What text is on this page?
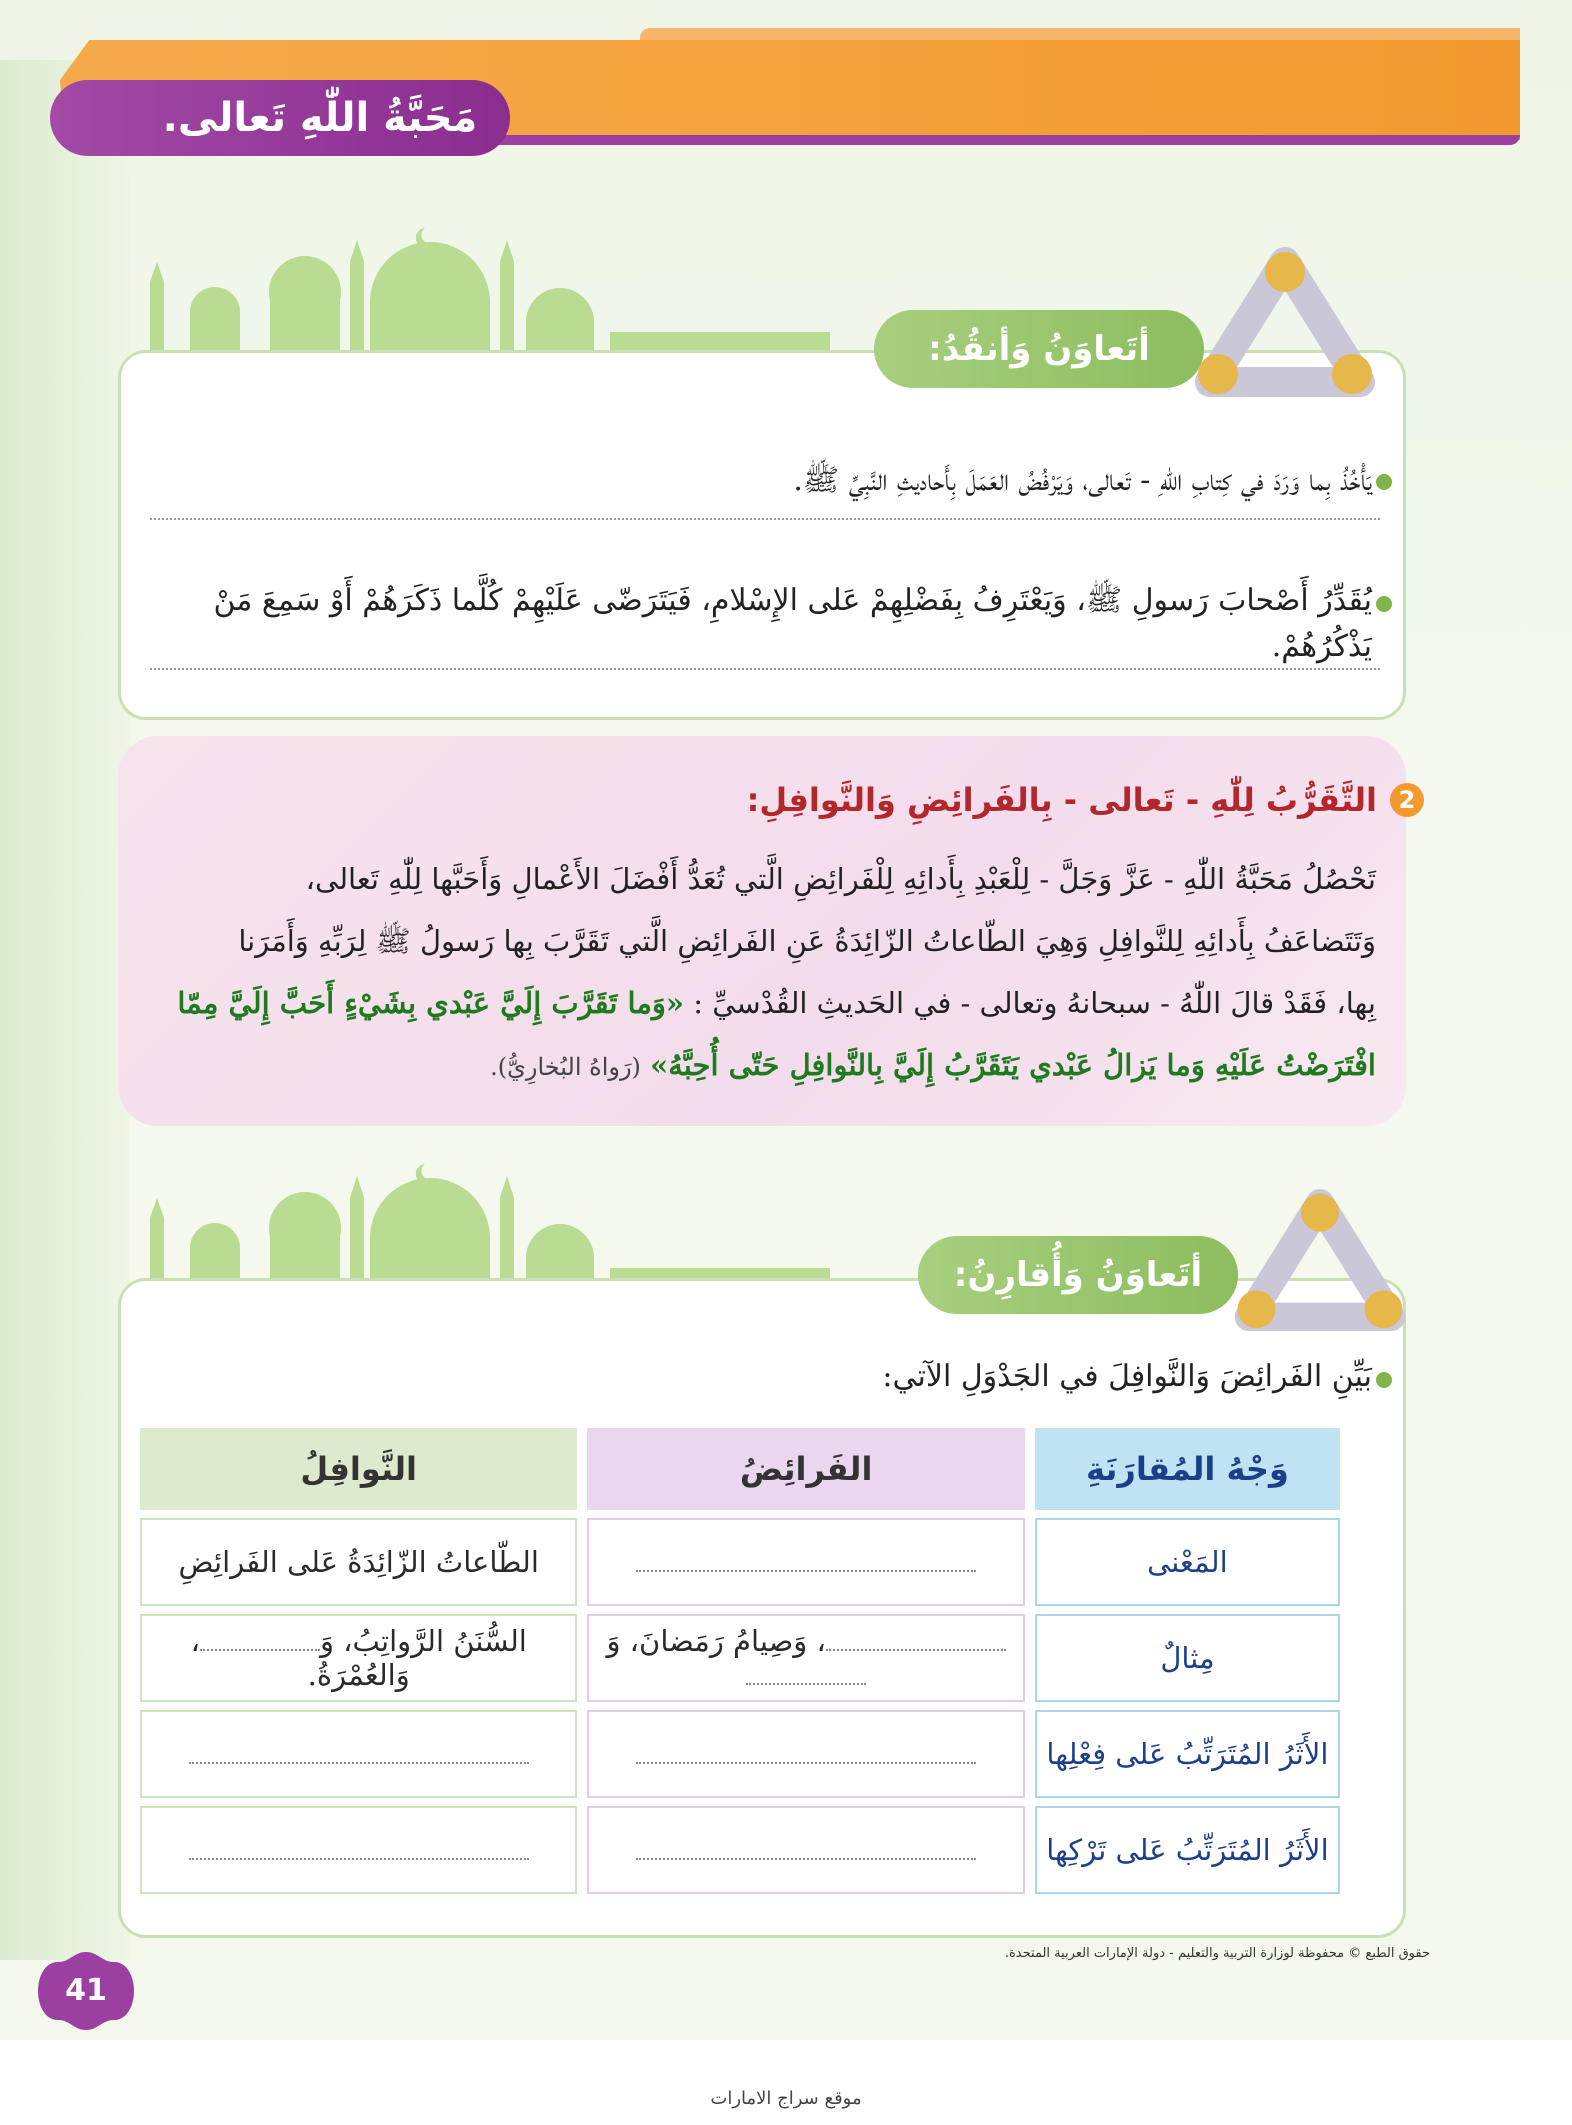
مَحَبَّةُ اللّٰهِ تَعالى.
أتَعاوَنُ وَأنقُدُ:
يَأْخُذُ بِما وَرَدَ في كِتابِ اللّٰهِ - تَعالى، وَيَرْفُضُ العَمَلَ بِأَحاديثِ النَّبِيِّ ﷺ.
يُقَدِّرُ أَصْحابَ رَسولِ ﷺ، وَيَعْتَرِفُ بِفَضْلِهِمْ عَلى الإِسْلامِ، فَيَتَرَضّى عَلَيْهِمْ كُلَّما ذَكَرَهُمْ أَوْ سَمِعَ مَنْ يَذْكُرُهُمْ.
2
التَّقَرُّبُ لِلّٰهِ - تَعالى - بِالفَرائِضِ وَالنَّوافِلِ:
تَحْصُلُ مَحَبَّةُ اللّٰهِ - عَزَّ وَجَلَّ - لِلْعَبْدِ بِأَدائِهِ لِلْفَرائِضِ الَّتي تُعَدُّ أَفْضَلَ الأَعْمالِ وَأَحَبَّها لِلّٰهِ تَعالى،
وَتَتَضاعَفُ بِأَدائِهِ لِلنَّوافِلِ وَهِيَ الطّاعاتُ الزّائِدَةُ عَنِ الفَرائِضِ الَّتي تَقَرَّبَ بِها رَسولُ ﷺ لِرَبِّهِ وَأَمَرَنا
بِها، فَقَدْ قالَ اللّٰهُ - سبحانهُ وتعالى - في الحَديثِ القُدْسيِّ : «وَما تَقَرَّبَ إِلَيَّ عَبْدي بِشَيْءٍ أَحَبَّ إِلَيَّ مِمّا
افْتَرَضْتُ عَلَيْهِ وَما يَزالُ عَبْدي يَتَقَرَّبُ إِلَيَّ بِالنَّوافِلِ حَتّى أُحِبَّهُ» (رَواهُ البُخارِيُّ).
أتَعاوَنُ وَأُقارِنُ:
بَيِّنِ الفَرائِضَ وَالنَّوافِلَ في الجَدْوَلِ الآتي:
وَجْهُ المُقارَنَةِ	الفَرائِضُ	النَّوافِلُ
المَعْنى		الطّاعاتُ الزّائِدَةُ عَلى الفَرائِضِ
مِثالٌ	، وَصِيامُ رَمَضانَ، وَ	السُّنَنُ الرَّواتِبُ، وَ، وَالعُمْرَةُ.
الأَثَرُ المُتَرَتِّبُ عَلى فِعْلِها		
الأَثَرُ المُتَرَتِّبُ عَلى تَرْكِها		
حقوق الطبع © محفوظة لوزارة التربية والتعليم - دولة الإمارات العربية المتحدة.
41
موقع سراج الامارات
